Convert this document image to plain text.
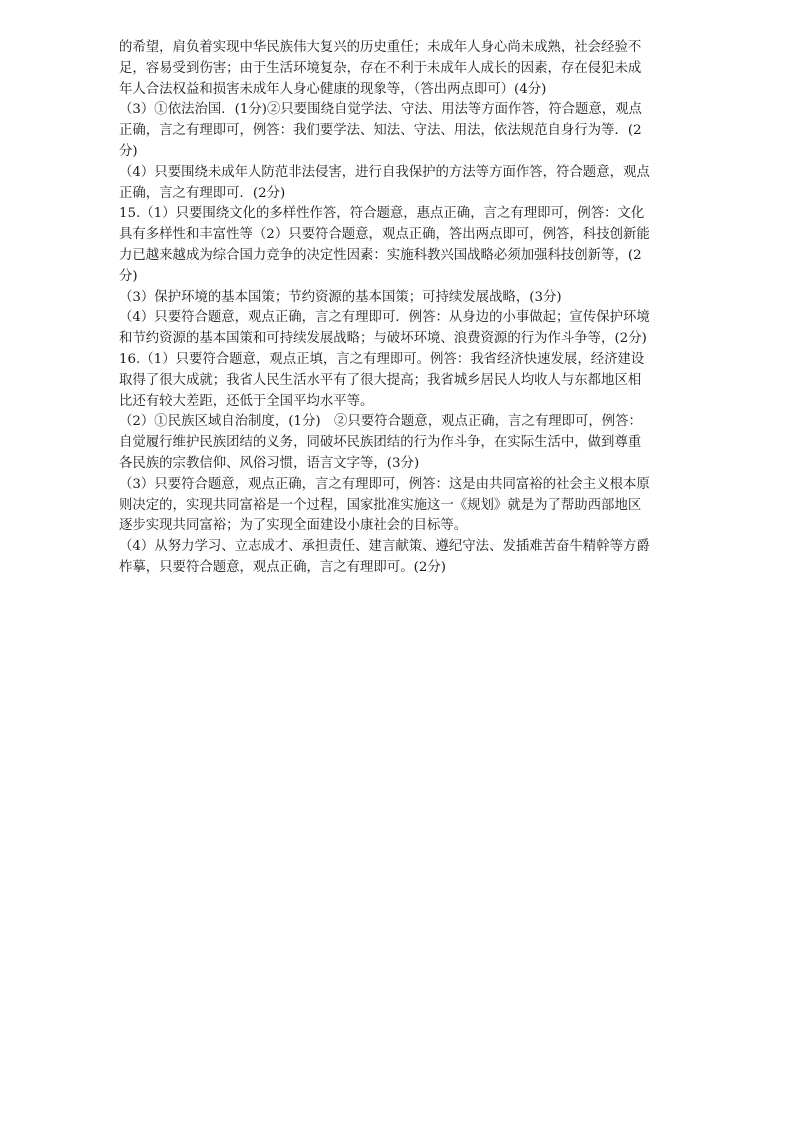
的希望，肩负着实现中华民族伟大复兴的历史重任；未成年人身心尚未成熟，社会经验不

足，容易受到伤害；由于生活环境复杂，存在不利于未成年人成长的因素，存在侵犯未成

年人合法权益和损害未成年人身心健康的现象等，（答出两点即可）(4分)

（3）①依法治国．(1分)②只要围绕自觉学法、守法、用法等方面作答，符合题意，观点

正确，言之有理即可，例答：我们要学法、知法、守法、用法，依法规范自身行为等．(2

分)

（4）只要围绕未成年人防范非法侵害，进行自我保护的方法等方面作答，符合题意，观点

正确，言之有理即可．(2分)

15.（1）只要围绕文化的多样性作答，符合题意，惠点正确，言之有理即可，例答：文化

具有多样性和丰富性等（2）只要符合题意，观点正确，答出两点即可，例答，科技创新能

力已越来越成为综合国力竞争的决定性因素：实施科教兴国战略必须加强科技创新等，(2

分)

（3）保护环境的基本国策；节约资源的基本国策；可持续发展战略，(3分)

（4）只要符合题意，观点正确，言之有理即可．例答：从身边的小事做起；宣传保护环境

和节约资源的基本国策和可持续发展战略；与破坏环境、浪费资源的行为作斗争等，(2分)

16.（1）只要符合题意，观点正填，言之有理即可。例答：我省经济快速发展，经济建设

取得了很大成就；我省人民生活水平有了很大提高；我省城乡居民人均收人与东都地区相

比还有较大差距，还低于全国平均水平等。

（2）①民族区域自治制度，(1分)　②只要符合题意，观点正确，言之有理即可，例答：

自觉履行维护民族团结的义务，同破坏民族团结的行为作斗争，在实际生活中，做到尊重

各民族的宗教信仰、风俗习惯，语言文字等，(3分)

（3）只要符合题意，观点正确，言之有理即可，例答：这是由共同富裕的社会主义根本原

则决定的，实现共同富裕是一个过程，国家批准实施这一《规划》就是为了帮助西部地区

逐步实现共同富裕；为了实现全面建设小康社会的目标等。

（4）从努力学习、立志成才、承担责任、建言献策、遵纪守法、发插难苦奋牛精幹等方爵

柞摹，只要符合题意，观点正确，言之有理即可。(2分)
